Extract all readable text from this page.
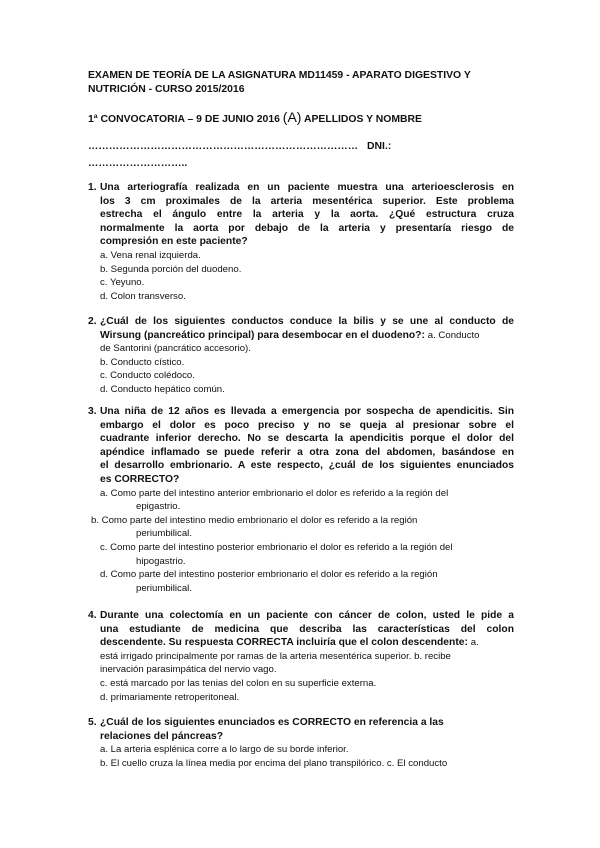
EXAMEN DE TEORÍA DE LA ASIGNATURA MD11459 - APARATO DIGESTIVO Y
NUTRICIÓN - CURSO 2015/2016
1ª CONVOCATORIA – 9 DE JUNIO 2016 (A) APELLIDOS Y NOMBRE
…………………………………………………………………… DNI.:
………………………..
1. Una arteriografía realizada en un paciente muestra una arterioesclerosis en
los 3 cm proximales de la arteria mesentérica superior. Este problema
estrecha el ángulo entre la arteria y la aorta. ¿Qué estructura cruza
normalmente la aorta por debajo de la arteria y presentaría riesgo de
compresión en este paciente?
a. Vena renal izquierda.
b. Segunda porción del duodeno.
c. Yeyuno.
d. Colon transverso.
2. ¿Cuál de los siguientes conductos conduce la bilis y se une al conducto de
Wirsung (pancreático principal) para desembocar en el duodeno?: a. Conducto
de Santorini (pancrático accesorio).
b. Conducto cístico.
c. Conducto colédoco.
d. Conducto hepático común.
3. Una niña de 12 años es llevada a emergencia por sospecha de apendicitis. Sin
embargo el dolor es poco preciso y no se queja al presionar sobre el
cuadrante inferior derecho. No se descarta la apendicitis porque el dolor del
apéndice inflamado se puede referir a otra zona del abdomen, basándose en
el desarrollo embrionario. A este respecto, ¿cuál de los siguientes enunciados
es CORRECTO?
a. Como parte del intestino anterior embrionario el dolor es referido a la región del
epigastrio.
b. Como parte del intestino medio embrionario el dolor es referido a la región
periumbilical.
c. Como parte del intestino posterior embrionario el dolor es referido a la región del
hipogastrio.
d. Como parte del intestino posterior embrionario el dolor es referido a la región
periumbilical.
4. Durante una colectomía en un paciente con cáncer de colon, usted le pide a
una estudiante de medicina que describa las características del colon
descendente. Su respuesta CORRECTA incluiría que el colon descendente: a.
está irrigado principalmente por ramas de la arteria mesentérica superior. b. recibe
inervación parasimpática del nervio vago.
c. está marcado por las tenias del colon en su superficie externa.
d. primariamente retroperitoneal.
5. ¿Cuál de los siguientes enunciados es CORRECTO en referencia a las
relaciones del páncreas?
a. La arteria esplénica corre a lo largo de su borde inferior.
b. El cuello cruza la línea media por encima del plano transpilórico. c. El conducto
